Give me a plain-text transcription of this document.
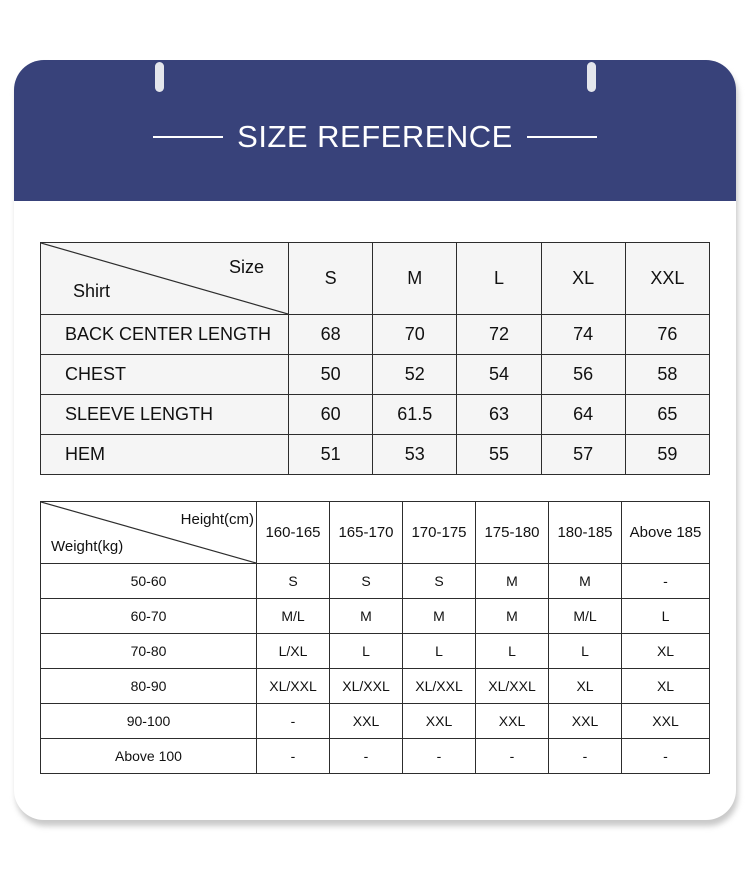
SIZE REFERENCE
Size
Shirt	S	M	L	XL	XXL
BACK CENTER LENGTH	68	70	72	74	76
CHEST	50	52	54	56	58
SLEEVE LENGTH	60	61.5	63	64	65
HEM	51	53	55	57	59
Height(cm)
Weight(kg)	160-165	165-170	170-175	175-180	180-185	Above 185
50-60	S	S	S	M	M	-
60-70	M/L	M	M	M	M/L	L
70-80	L/XL	L	L	L	L	XL
80-90	XL/XXL	XL/XXL	XL/XXL	XL/XXL	XL	XL
90-100	-	XXL	XXL	XXL	XXL	XXL
Above 100	-	-	-	-	-	-
